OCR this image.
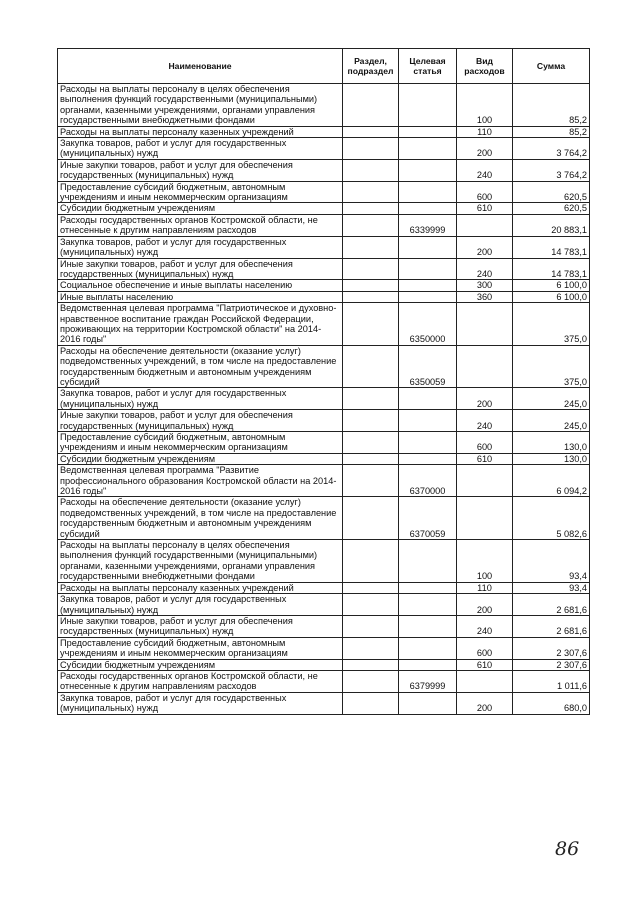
Наименование	Раздел, подраздел	Целевая статья	Вид расходов	Сумма
Расходы на выплаты персоналу в целях обеспечения выполнения функций государственными (муниципальными) органами, казенными учреждениями, органами управления государственными внебюджетными фондами			100	85,2
Расходы на выплаты персоналу казенных учреждений			110	85,2
Закупка товаров, работ и услуг для государственных (муниципальных) нужд			200	3 764,2
Иные закупки товаров, работ и услуг для обеспечения государственных (муниципальных) нужд			240	3 764,2
Предоставление субсидий бюджетным, автономным учреждениям и иным некоммерческим организациям			600	620,5
Субсидии бюджетным учреждениям			610	620,5
Расходы государственных органов Костромской области, не отнесенные к другим направлениям расходов		6339999		20 883,1
Закупка товаров, работ и услуг для государственных (муниципальных) нужд			200	14 783,1
Иные закупки товаров, работ и услуг для обеспечения государственных (муниципальных) нужд			240	14 783,1
Социальное обеспечение и иные выплаты населению			300	6 100,0
Иные выплаты населению			360	6 100,0
Ведомственная целевая программа "Патриотическое и духовно-нравственное воспитание граждан Российской Федерации, проживающих на территории Костромской области" на 2014-2016 годы"		6350000		375,0
Расходы на обеспечение деятельности (оказание услуг) подведомственных учреждений, в том числе на предоставление государственным бюджетным и автономным учреждениям субсидий		6350059		375,0
Закупка товаров, работ и услуг для государственных (муниципальных) нужд			200	245,0
Иные закупки товаров, работ и услуг для обеспечения государственных (муниципальных) нужд			240	245,0
Предоставление субсидий бюджетным, автономным учреждениям и иным некоммерческим организациям			600	130,0
Субсидии бюджетным учреждениям			610	130,0
Ведомственная целевая программа "Развитие профессионального образования Костромской области на 2014-2016 годы"		6370000		6 094,2
Расходы на обеспечение деятельности (оказание услуг) подведомственных учреждений, в том числе на предоставление государственным бюджетным и автономным учреждениям субсидий		6370059		5 082,6
Расходы на выплаты персоналу в целях обеспечения выполнения функций государственными (муниципальными) органами, казенными учреждениями, органами управления государственными внебюджетными фондами			100	93,4
Расходы на выплаты персоналу казенных учреждений			110	93,4
Закупка товаров, работ и услуг для государственных (муниципальных) нужд			200	2 681,6
Иные закупки товаров, работ и услуг для обеспечения государственных (муниципальных) нужд			240	2 681,6
Предоставление субсидий бюджетным, автономным учреждениям и иным некоммерческим организациям			600	2 307,6
Субсидии бюджетным учреждениям			610	2 307,6
Расходы государственных органов Костромской области, не отнесенные к другим направлениям расходов		6379999		1 011,6
Закупка товаров, работ и услуг для государственных (муниципальных) нужд			200	680,0
86
